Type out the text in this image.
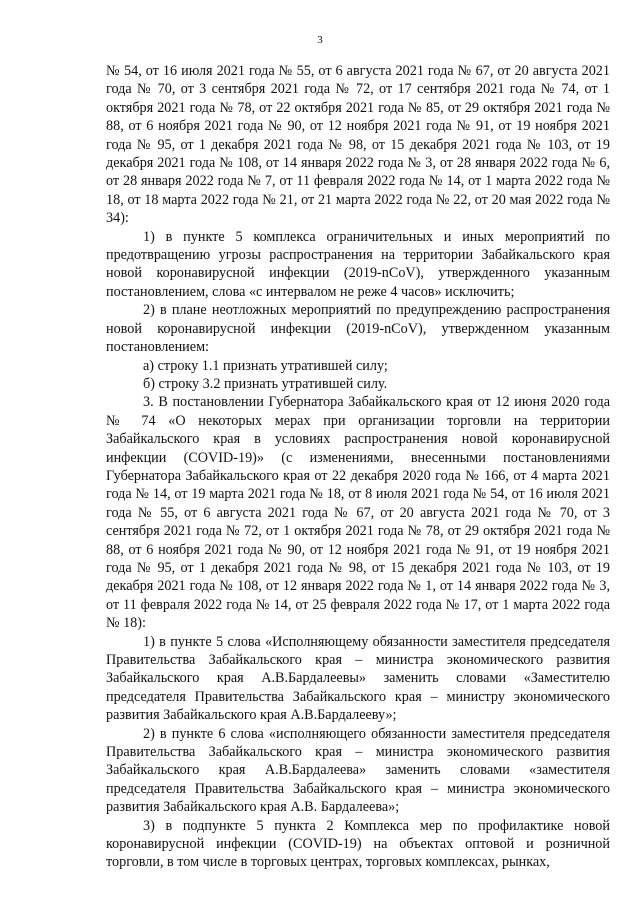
3

№ 54, от 16 июля 2021 года № 55, от 6 августа 2021 года № 67, от 20 августа 2021 года № 70, от 3 сентября 2021 года № 72, от 17 сентября 2021 года № 74, от 1 октября 2021 года № 78, от 22 октября 2021 года № 85, от 29 октября 2021 года № 88, от 6 ноября 2021 года № 90, от 12 ноября 2021 года № 91, от 19 ноября 2021 года № 95, от 1 декабря 2021 года № 98, от 15 декабря 2021 года № 103, от 19 декабря 2021 года № 108, от 14 января 2022 года № 3, от 28 января 2022 года № 6, от 28 января 2022 года № 7, от 11 февраля 2022 года № 14, от 1 марта 2022 года № 18, от 18 марта 2022 года № 21, от 21 марта 2022 года № 22, от 20 мая 2022 года № 34):

1) в пункте 5 комплекса ограничительных и иных мероприятий по предотвращению угрозы распространения на территории Забайкальского края новой коронавирусной инфекции (2019-nCoV), утвержденного указанным постановлением, слова «с интервалом не реже 4 часов» исключить;

2) в плане неотложных мероприятий по предупреждению распространения новой коронавирусной инфекции (2019-nCoV), утвержденном указанным постановлением:

а) строку 1.1 признать утратившей силу;

б) строку 3.2 признать утратившей силу.

3. В постановлении Губернатора Забайкальского края от 12 июня 2020 года № 74 «О некоторых мерах при организации торговли на территории Забайкальского края в условиях распространения новой коронавирусной инфекции (COVID-19)» (с изменениями, внесенными постановлениями Губернатора Забайкальского края от 22 декабря 2020 года № 166, от 4 марта 2021 года № 14, от 19 марта 2021 года № 18, от 8 июля 2021 года № 54, от 16 июля 2021 года № 55, от 6 августа 2021 года № 67, от 20 августа 2021 года № 70, от 3 сентября 2021 года № 72, от 1 октября 2021 года № 78, от 29 октября 2021 года № 88, от 6 ноября 2021 года № 90, от 12 ноября 2021 года № 91, от 19 ноября 2021 года № 95, от 1 декабря 2021 года № 98, от 15 декабря 2021 года № 103, от 19 декабря 2021 года № 108, от 12 января 2022 года № 1, от 14 января 2022 года № 3, от 11 февраля 2022 года № 14, от 25 февраля 2022 года № 17, от 1 марта 2022 года № 18):

1) в пункте 5 слова «Исполняющему обязанности заместителя председателя Правительства Забайкальского края – министра экономического развития Забайкальского края А.В.Бардалеевы» заменить словами «Заместителю председателя Правительства Забайкальского края – министру экономического развития Забайкальского края А.В.Бардалееву»;

2) в пункте 6 слова «исполняющего обязанности заместителя председателя Правительства Забайкальского края – министра экономического развития Забайкальского края А.В.Бардалеева» заменить словами «заместителя председателя Правительства Забайкальского края – министра экономического развития Забайкальского края А.В. Бардалеева»;

3) в подпункте 5 пункта 2 Комплекса мер по профилактике новой коронавирусной инфекции (COVID-19) на объектах оптовой и розничной торговли, в том числе в торговых центрах, торговых комплексах, рынках,
